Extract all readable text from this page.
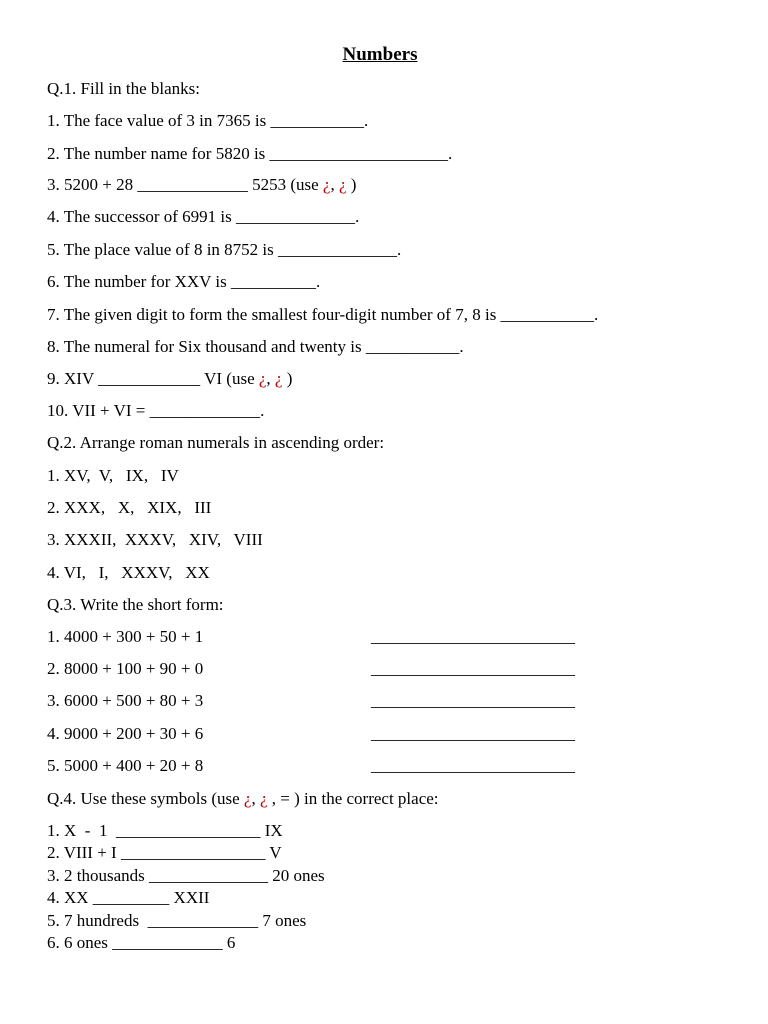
Numbers
Q.1. Fill in the blanks:
1. The face value of 3 in 7365 is ___________.
2. The number name for 5820 is _____________________.
3. 5200 + 28 _____________ 5253 (use ¿, ¿ )
4. The successor of 6991 is ______________.
5. The place value of 8 in 8752 is ______________.
6. The number for XXV is __________.
7. The given digit to form the smallest four-digit number of 7, 8 is ___________.
8. The numeral for Six thousand and twenty is ___________.
9. XIV ____________ VI (use ¿, ¿ )
10. VII + VI = _____________.
Q.2. Arrange roman numerals in ascending order:
1. XV,  V,   IX,   IV
2. XXX,   X,   XIX,   III
3. XXXII,  XXXV,   XIV,   VIII
4. VI,   I,   XXXV,   XX
Q.3. Write the short form:
1. 4000 + 300 + 50 + 1	________________________
2. 8000 + 100 + 90 + 0	________________________
3. 6000 + 500 + 80 + 3	________________________
4. 9000 + 200 + 30 + 6	________________________
5. 5000 + 400 + 20 + 8	________________________
Q.4. Use these symbols (use ¿, ¿ , = ) in the correct place:
1. X  -  1  _________________ IX
2. VIII + I _________________ V
3. 2 thousands ______________ 20 ones
4. XX _________ XXII
5. 7 hundreds  _____________ 7 ones
6. 6 ones _____________ 6
